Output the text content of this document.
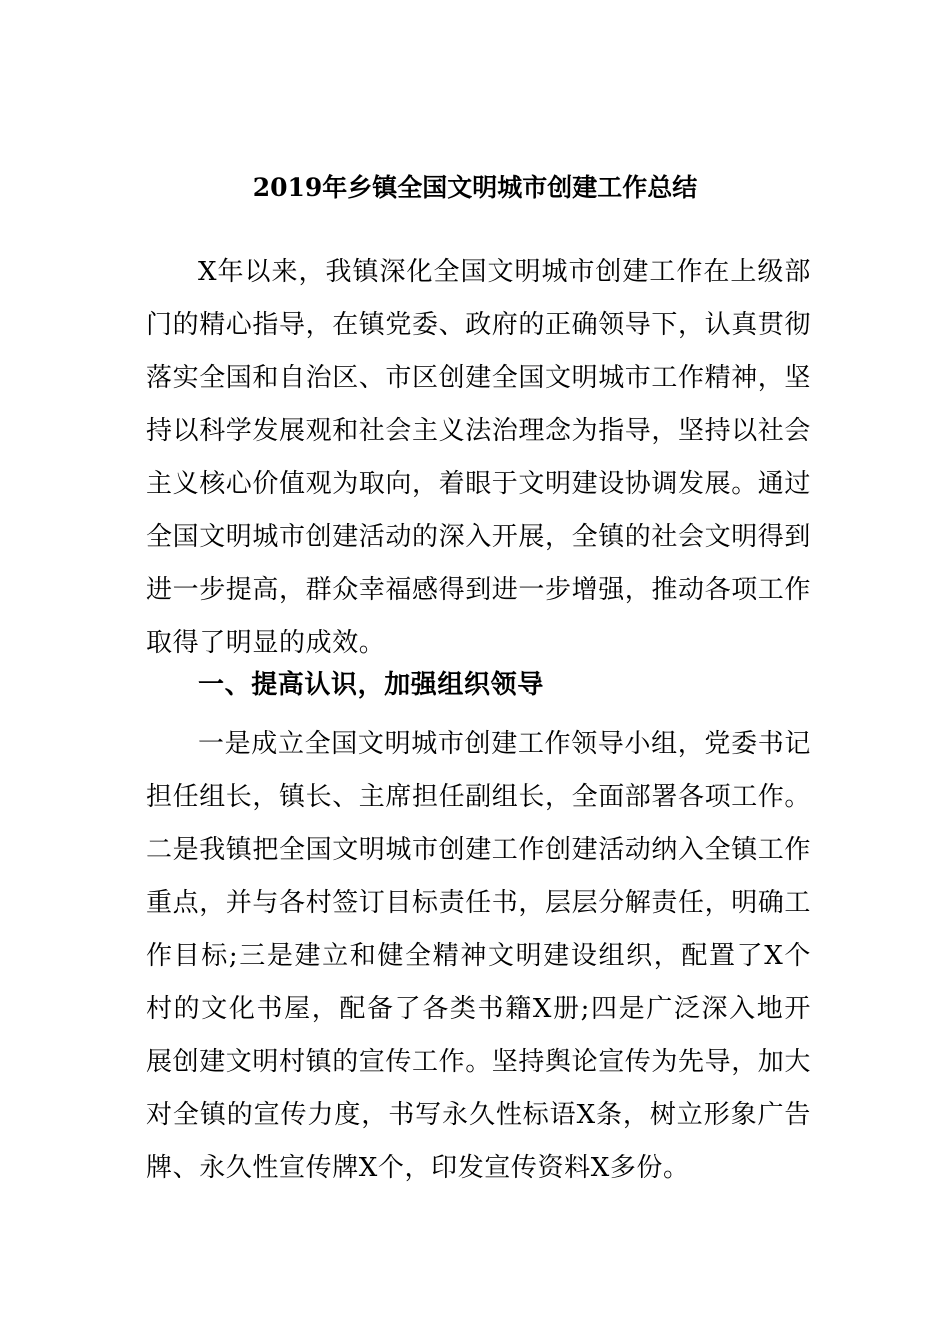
2019年乡镇全国文明城市创建工作总结

X年以来，我镇深化全国文明城市创建工作在上级部门的精心指导，在镇党委、政府的正确领导下，认真贯彻落实全国和自治区、市区创建全国文明城市工作精神，坚持以科学发展观和社会主义法治理念为指导，坚持以社会主义核心价值观为取向，着眼于文明建设协调发展。通过全国文明城市创建活动的深入开展，全镇的社会文明得到进一步提高，群众幸福感得到进一步增强，推动各项工作取得了明显的成效。

一、提高认识，加强组织领导

一是成立全国文明城市创建工作领导小组，党委书记担任组长，镇长、主席担任副组长，全面部署各项工作。二是我镇把全国文明城市创建工作创建活动纳入全镇工作重点，并与各村签订目标责任书，层层分解责任，明确工作目标;三是建立和健全精神文明建设组织，配置了X个村的文化书屋，配备了各类书籍X册;四是广泛深入地开展创建文明村镇的宣传工作。坚持舆论宣传为先导，加大对全镇的宣传力度，书写永久性标语X条，树立形象广告牌、永久性宣传牌X个，印发宣传资料X多份。
